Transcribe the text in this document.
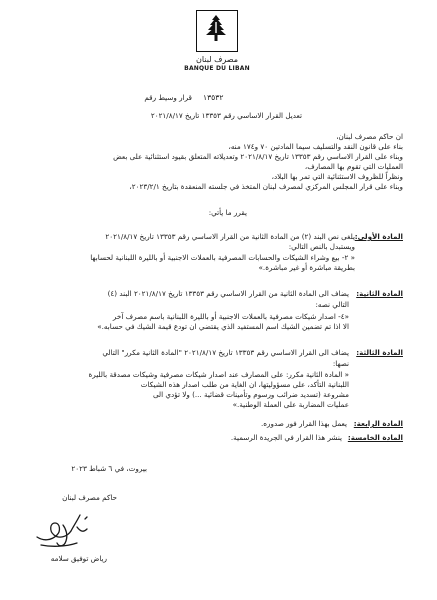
مصرف لبنان
BANQUE DU LIBAN
قرار وسيط رقم ١٣٥٣٢
تعديل القرار الاساسي رقم ١٣٣٥٣ تاريخ ٢٠٢١/٨/١٧
ان حاكم مصرف لبنان،
بناء على قانون النقد والتسليف سيما المادتين ٧٠ و١٧٤ منه،
وبناء على القرار الاساسي رقم ١٣٣٥٣ تاريخ ٢٠٢١/٨/١٧ وتعديلاته المتعلق بقيود استثنائية على بعض
العمليات التي تقوم بها المصارف،
ونظراً للظروف الاستثنائية التي تمر بها البلاد،
وبناء على قرار المجلس المركزي لمصرف لبنان المتخذ في جلسته المنعقدة بتاريخ ٢٠٢٣/٢/١،
يقرر ما يأتي:
المادة الأولى:
يلغى نص البند (٢) من المادة الثانية من القرار الاساسي رقم ١٣٣٥٣ تاريخ ٢٠٢١/٨/١٧
ويستبدل بالنص التالي:
« ٢- بيع وشراء الشيكات والحسابات المصرفية بالعملات الاجنبية أو بالليرة اللبنانية لحسابها
بطريقة مباشرة أو غير مباشرة.»
المادة الثانية:
يضاف الى المادة الثانية من القرار الاساسي رقم ١٣٣٥٣ تاريخ ٢٠٢١/٨/١٧ البند (٤)
التالي نصه:
«٤- اصدار شيكات مصرفية بالعملات الاجنبية أو بالليرة اللبنانية باسم مصرف آخر
الا اذا تم تضمين الشيك اسم المستفيد الذي يقتضي ان تودع قيمة الشيك في حسابه.»
المادة الثالثة:
يضاف الى القرار الاساسي رقم ١٣٣٥٣ تاريخ ٢٠٢١/٨/١٧ "المادة الثانية مكرر" التالي
نصها:
« المادة الثانية مكرر: على المصارف عند اصدار شيكات مصرفية وشيكات مصدقة بالليرة
اللبنانية التأكد، على مسؤوليتها، ان الغاية من طلب اصدار هذه الشيكات
مشروعة (تسديد ضرائب ورسوم وتأمينات قضائية ...) ولا تؤدي الى
عمليات المضاربة على العملة الوطنية.»
المادة الرابعة:
يعمل بهذا القرار فور صدوره.
المادة الخامسة:
ينشر هذا القرار في الجريدة الرسمية.
بيروت، في ٦ شباط ٢٠٢٣
حاكم مصرف لبنان
رياض توفيق سلامه
